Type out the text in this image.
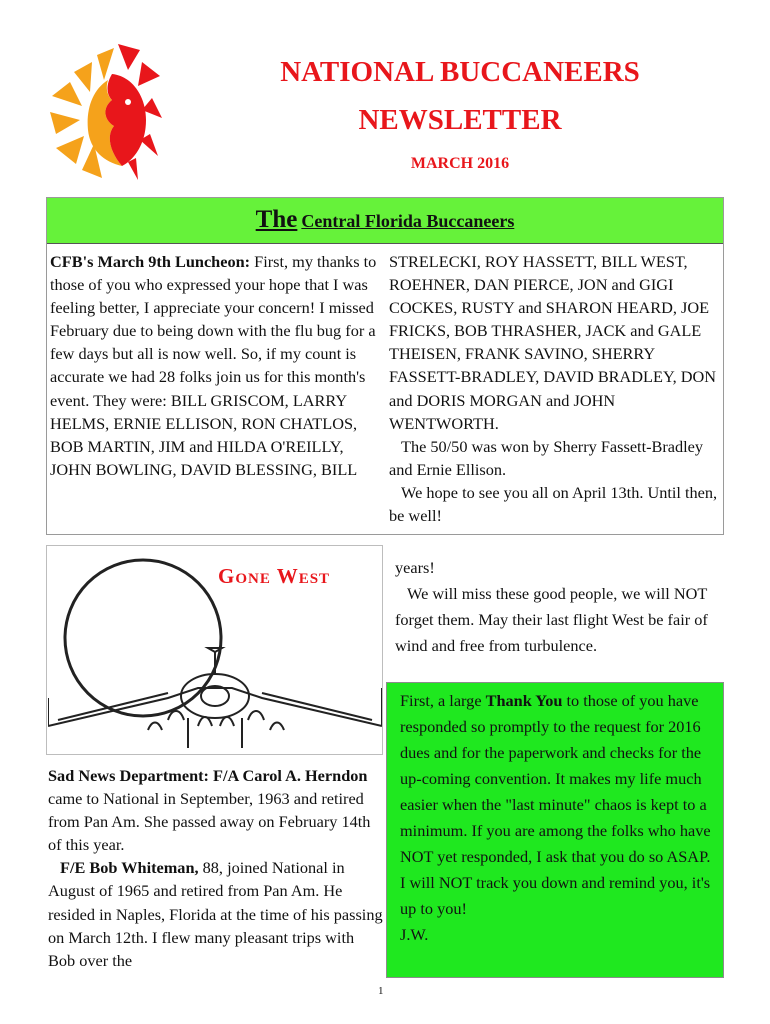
NATIONAL BUCCANEERS
NEWSLETTER
MARCH 2016
The Central Florida Buccaneers
CFB's March 9th Luncheon: First, my thanks to those of you who expressed your hope that I was feeling better, I appreciate your concern! I missed February due to being down with the flu bug for a few days but all is now well. So, if my count is accurate we had 28 folks join us for this month's event. They were: BILL GRISCOM, LARRY HELMS, ERNIE ELLISON, RON CHATLOS, BOB MARTIN, JIM and HILDA O'REILLY, JOHN BOWLING, DAVID BLESSING, BILL
STRELECKI, ROY HASSETT, BILL WEST, ROEHNER, DAN PIERCE, JON and GIGI COCKES, RUSTY and SHARON HEARD, JOE FRICKS, BOB THRASHER, JACK and GALE THEISEN, FRANK SAVINO, SHERRY FASSETT-BRADLEY, DAVID BRADLEY, DON and DORIS MORGAN and JOHN WENTWORTH.
The 50/50 was won by Sherry Fassett-Bradley and Ernie Ellison.
We hope to see you all on April 13th. Until then, be well!
Gone West
Sad News Department: F/A Carol A. Herndon came to National in September, 1963 and retired from Pan Am. She passed away on February 14th of this year.
F/E Bob Whiteman, 88, joined National in August of 1965 and retired from Pan Am. He resided in Naples, Florida at the time of his passing on March 12th. I flew many pleasant trips with Bob over the
years!
We will miss these good people, we will NOT forget them. May their last flight West be fair of wind and free from turbulence.
First, a large Thank You to those of you have responded so promptly to the request for 2016 dues and for the paperwork and checks for the up-coming convention. It makes my life much easier when the "last minute" chaos is kept to a minimum. If you are among the folks who have NOT yet responded, I ask that you do so ASAP. I will NOT track you down and remind you, it's up to you!
J.W.
1
